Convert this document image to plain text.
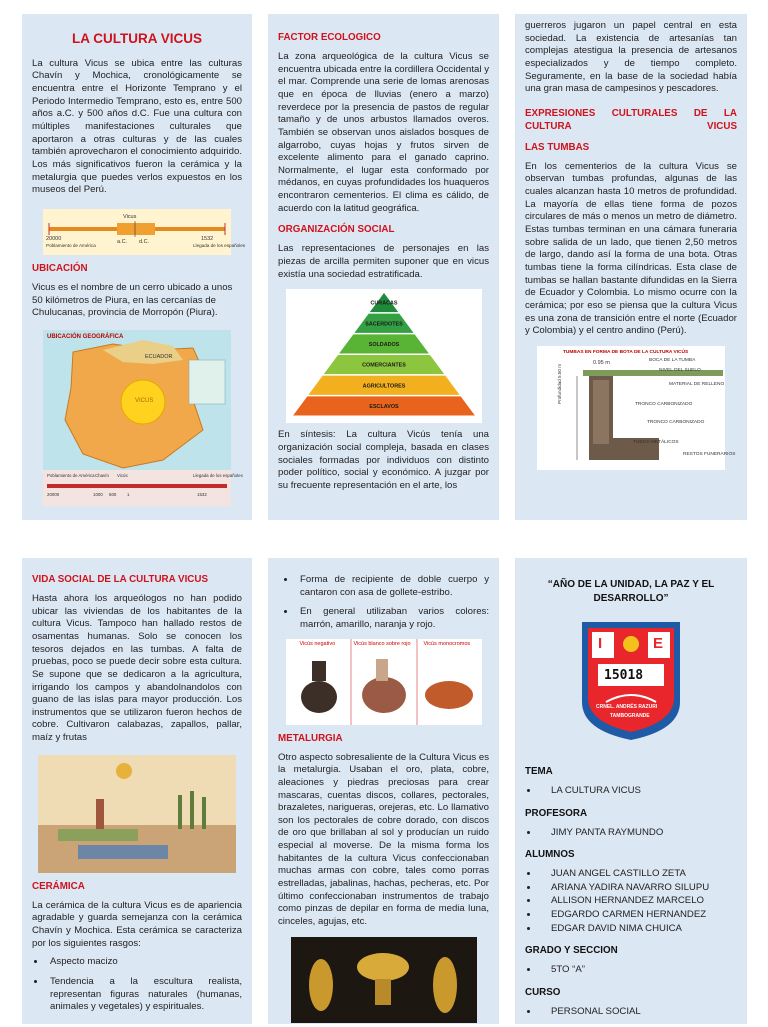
LA CULTURA VICUS

La cultura Vicus se ubica entre las culturas Chavín y Mochica, cronológicamente se encuentra entre el Horizonte Temprano y el Periodo Intermedio Temprano, esto es, entre 500 años a.C. y 500 años d.C. Fue una cultura con múltiples manifestaciones culturales que aportaron a otras culturas y de las cuales también aprovecharon el conocimiento adquirido. Los más significativos fueron la cerámica y la metalurgia que puedes verlos expuestos en los museos del Perú.

Vicus
20000
Poblamiento de América
a.C. d.C.	1532
Llegada de los españoles
UBICACIÓN

Vicus es el nombre de un cerro ubicado a unos 50 kilómetros de Piura, en las cercanías de Chulucanas, provincia de Morropón (Piura).

UBICACIÓN GEOGRÁFICA
ECUADOR
VICUS
Poblamiento de América Chavín Vicús	Llegada de los españoles
20000	1000 500 1	1532
FACTOR ECOLOGICO

La zona arqueológica de la cultura Vicus se encuentra ubicada entre la cordillera Occidental y el mar. Comprende una serie de lomas arenosas que en época de lluvias (enero a marzo) reverdece por la presencia de pastos de regular tamaño y de unos arbustos llamados overos. También se observan unos aislados bosques de algarrobo, cuyas hojas y frutos sirven de excelente alimento para el ganado caprino. Normalmente, el lugar esta conformado por médanos, en cuyas profundidades los huaqueros encontraron cementerios. El clima es cálido, de acuerdo con la latitud geográfica.

ORGANIZACIÓN SOCIAL

Las representaciones de personajes en las piezas de arcilla permiten suponer que en vicus existía una sociedad estratificada.

CURACAS
SACERDOTES
SOLDADOS
COMERCIANTES
AGRICULTORES
ESCLAVOS

En síntesis: La cultura Vicús tenía una organización social compleja, basada en clases sociales formadas por individuos con distinto poder político, social y económico. A juzgar por su frecuente representación en el arte, los

guerreros jugaron un papel central en esta sociedad. La existencia de artesanías tan complejas atestigua la presencia de artesanos especializados y de tiempo completo. Seguramente, en la base de la sociedad había una gran masa de campesinos y pescadores.

EXPRESIONES CULTURALES DE LA CULTURA VICUS
LAS TUMBAS

En los cementerios de la cultura Vicus se observan tumbas profundas, algunas de las cuales alcanzan hasta 10 metros de profundidad. La mayoría de ellas tiene forma de pozos circulares de más o menos un metro de diámetro. Estas tumbas terminan en una cámara funeraria sobre salida de un lado, que tienen 2,50 metros de largo, dando así la forma de una bota. Otras tumbas tiene la forma cilíndricas. Esta clase de tumbas se hallan bastante difundidas en la Sierra de Ecuador y Colombia. Lo mismo ocurre con la cerámica; por eso se piensa que la cultura Vicus es una zona de transición entre el norte (Ecuador y Colombia) y el centro andino (Perú).

TUMBAS EN FORMA DE BOTA DE LA CULTURA VICÚS
0.95 m
Profundidad 5.50 m
BOCA DE LA TUMBA
NIVEL DEL SUELO
MATERIAL DE RELLENO
TRONCO CARBONIZADO
TRONCO CARBONIZADO
TUBOS METÁLICOS
RESTOS FUNERARIOS
VIDA SOCIAL DE LA CULTURA VICUS

Hasta ahora los arqueólogos no han podido ubicar las viviendas de los habitantes de la cultura Vicus. Tampoco han hallado restos de osamentas humanas. Solo se conocen los tesoros dejados en las tumbas. A falta de pruebas, poco se puede decir sobre esta cultura. Se supone que se dedicaron a la agricultura, irrigando los campos y abandolnandolos con guano de las islas para mayor producción. Los instrumentos que se utilizaron fueron hechos de cobre. Cultivaron calabazas, zapallos, pallar, maíz y frutas

CERÁMICA

La cerámica de la cultura Vicus es de apariencia agradable y guarda semejanza con la cerámica Chavín y Mochica. Esta cerámica se caracteriza por los siguientes rasgos:

• Aspecto macizo
• Tendencia a la escultura realista, representan figuras naturales (humanas, animales y vegetales) y espirituales.
• Forma de recipiente de doble cuerpo y cantaron con asa de gollete-estribo.
• En general utilizaban varios colores: marrón, amarillo, naranja y rojo.
Vicús negativo	Vicús blanco sobre rojo Vicús monocromos
METALURGIA

Otro aspecto sobresaliente de la Cultura Vicus es la metalurgia. Usaban el oro, plata, cobre, aleaciones y piedras preciosas para crear mascaras, cuentas discos, collares, pectorales, brazaletes, narigueras, orejeras, etc. Lo llamativo son los pectorales de cobre dorado, con discos de oro que brillaban al sol y producían un ruido especial al moverse. De la misma forma los habitantes de la cultura Vicus confeccionaban muchas armas con cobre, tales como porras estrelladas, jabalinas, hachas, pecheras, etc. Por último confeccionaban instrumentos de trabajo como pinzas de depilar en forma de media luna, cinceles, agujas, etc.

“AÑO DE LA UNIDAD, LA PAZ Y EL DESARROLLO”
I	E
15018
CRNEL. ANDRÉS RAZURI
TAMBOGRANDE
TEMA
• LA CULTURA VICUS
PROFESORA
• JIMY PANTA RAYMUNDO
ALUMNOS
• JUAN ANGEL CASTILLO ZETA
• ARIANA YADIRA NAVARRO SILUPU
• ALLISON HERNANDEZ MARCELO
• EDGARDO CARMEN HERNANDEZ
• EDGAR DAVID NIMA CHUICA
GRADO Y SECCION
• 5TO “A”
CURSO
• PERSONAL SOCIAL
